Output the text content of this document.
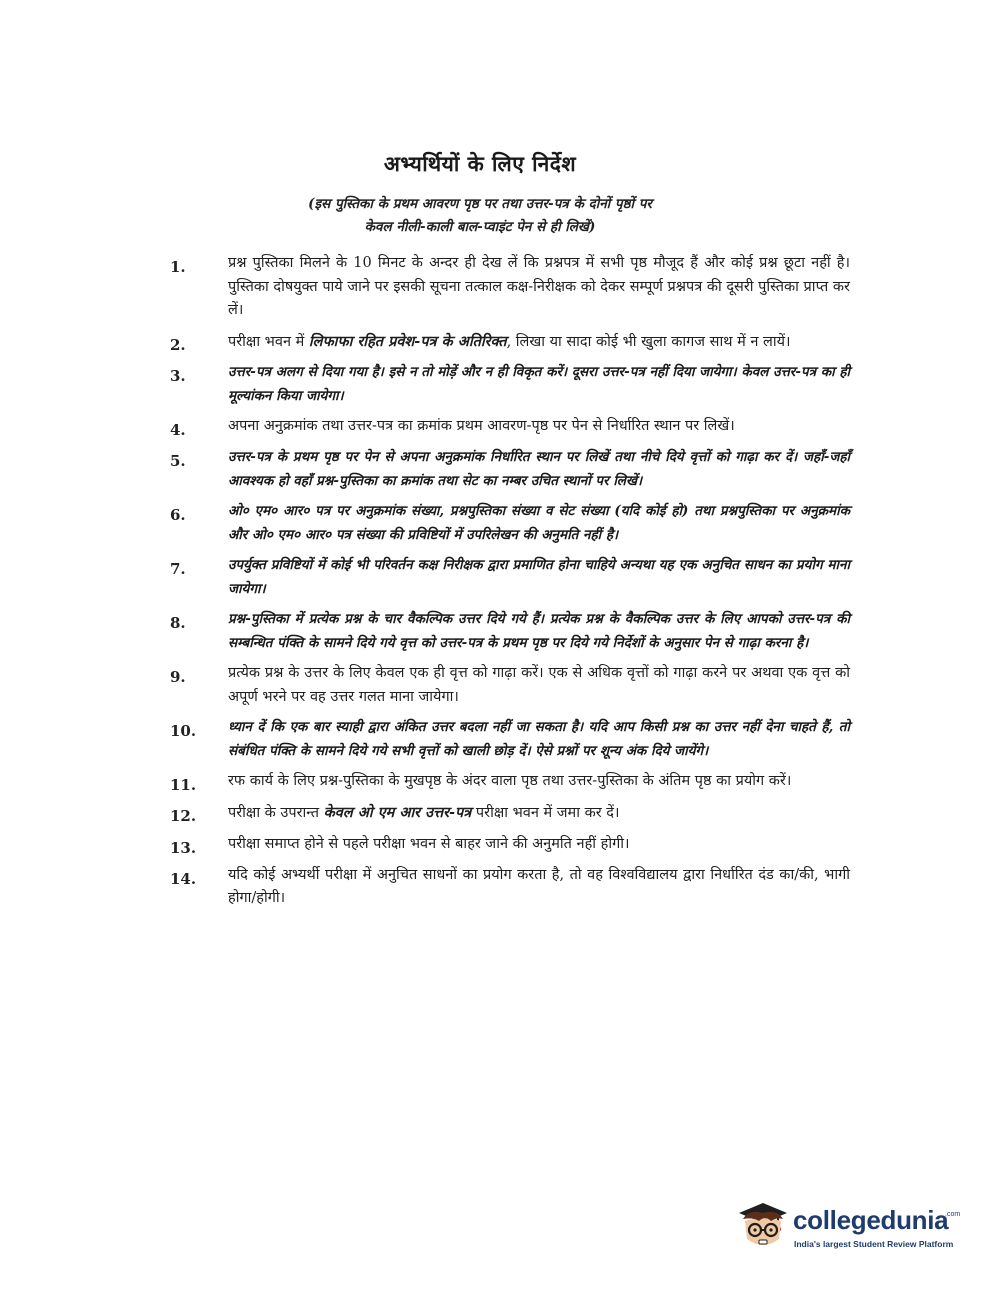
अभ्यर्थियों के लिए निर्देश
(इस पुस्तिका के प्रथम आवरण पृष्ठ पर तथा उत्तर-पत्र के दोनों पृष्ठों पर
केवल नीली-काली बाल-प्वाइंट पेन से ही लिखें)
1.	प्रश्न पुस्तिका मिलने के 10 मिनट के अन्दर ही देख लें कि प्रश्नपत्र में सभी पृष्ठ मौजूद हैं और कोई प्रश्न छूटा नहीं है। पुस्तिका दोषयुक्त पाये जाने पर इसकी सूचना तत्काल कक्ष-निरीक्षक को देकर सम्पूर्ण प्रश्नपत्र की दूसरी पुस्तिका प्राप्त कर लें।
2.	परीक्षा भवन में लिफाफा रहित प्रवेश-पत्र के अतिरिक्त, लिखा या सादा कोई भी खुला कागज साथ में न लायें।
3.	उत्तर-पत्र अलग से दिया गया है। इसे न तो मोड़ें और न ही विकृत करें। दूसरा उत्तर-पत्र नहीं दिया जायेगा। केवल उत्तर-पत्र का ही मूल्यांकन किया जायेगा।
4.	अपना अनुक्रमांक तथा उत्तर-पत्र का क्रमांक प्रथम आवरण-पृष्ठ पर पेन से निर्धारित स्थान पर लिखें।
5.	उत्तर-पत्र के प्रथम पृष्ठ पर पेन से अपना अनुक्रमांक निर्धारित स्थान पर लिखें तथा नीचे दिये वृत्तों को गाढ़ा कर दें। जहाँ-जहाँ आवश्यक हो वहाँ प्रश्न-पुस्तिका का क्रमांक तथा सेट का नम्बर उचित स्थानों पर लिखें।
6.	ओ० एम० आर० पत्र पर अनुक्रमांक संख्या, प्रश्नपुस्तिका संख्या व सेट संख्या (यदि कोई हो) तथा प्रश्नपुस्तिका पर अनुक्रमांक और ओ० एम० आर० पत्र संख्या की प्रविष्टियों में उपरिलेखन की अनुमति नहीं है।
7.	उपर्युक्त प्रविष्टियों में कोई भी परिवर्तन कक्ष निरीक्षक द्वारा प्रमाणित होना चाहिये अन्यथा यह एक अनुचित साधन का प्रयोग माना जायेगा।
8.	प्रश्न-पुस्तिका में प्रत्येक प्रश्न के चार वैकल्पिक उत्तर दिये गये हैं। प्रत्येक प्रश्न के वैकल्पिक उत्तर के लिए आपको उत्तर-पत्र की सम्बन्धित पंक्ति के सामने दिये गये वृत्त को उत्तर-पत्र के प्रथम पृष्ठ पर दिये गये निर्देशों के अनुसार पेन से गाढ़ा करना है।
9.	प्रत्येक प्रश्न के उत्तर के लिए केवल एक ही वृत्त को गाढ़ा करें। एक से अधिक वृत्तों को गाढ़ा करने पर अथवा एक वृत्त को अपूर्ण भरने पर वह उत्तर गलत माना जायेगा।
10.	ध्यान दें कि एक बार स्याही द्वारा अंकित उत्तर बदला नहीं जा सकता है। यदि आप किसी प्रश्न का उत्तर नहीं देना चाहते हैं, तो संबंधित पंक्ति के सामने दिये गये सभी वृत्तों को खाली छोड़ दें। ऐसे प्रश्नों पर शून्य अंक दिये जायेंगे।
11.	रफ कार्य के लिए प्रश्न-पुस्तिका के मुखपृष्ठ के अंदर वाला पृष्ठ तथा उत्तर-पुस्तिका के अंतिम पृष्ठ का प्रयोग करें।
12.	परीक्षा के उपरान्त केवल ओ एम आर उत्तर-पत्र परीक्षा भवन में जमा कर दें।
13.	परीक्षा समाप्त होने से पहले परीक्षा भवन से बाहर जाने की अनुमति नहीं होगी।
14.	यदि कोई अभ्यर्थी परीक्षा में अनुचित साधनों का प्रयोग करता है, तो वह विश्वविद्यालय द्वारा निर्धारित दंड का/की, भागी होगा/होगी।
collegedunia
.com
India's largest Student Review Platform
